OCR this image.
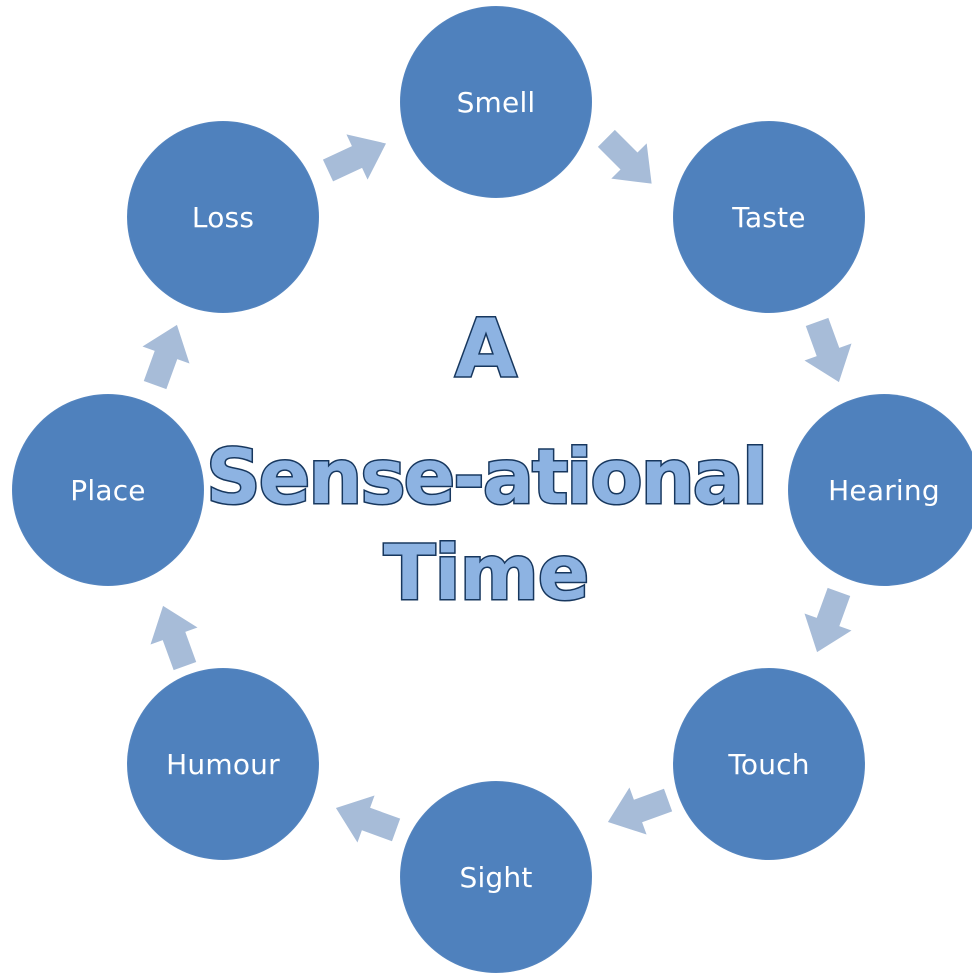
Smell
Taste
Hearing
Touch
Sight
Humour
Place
Loss
A
Sense-ational
Time
